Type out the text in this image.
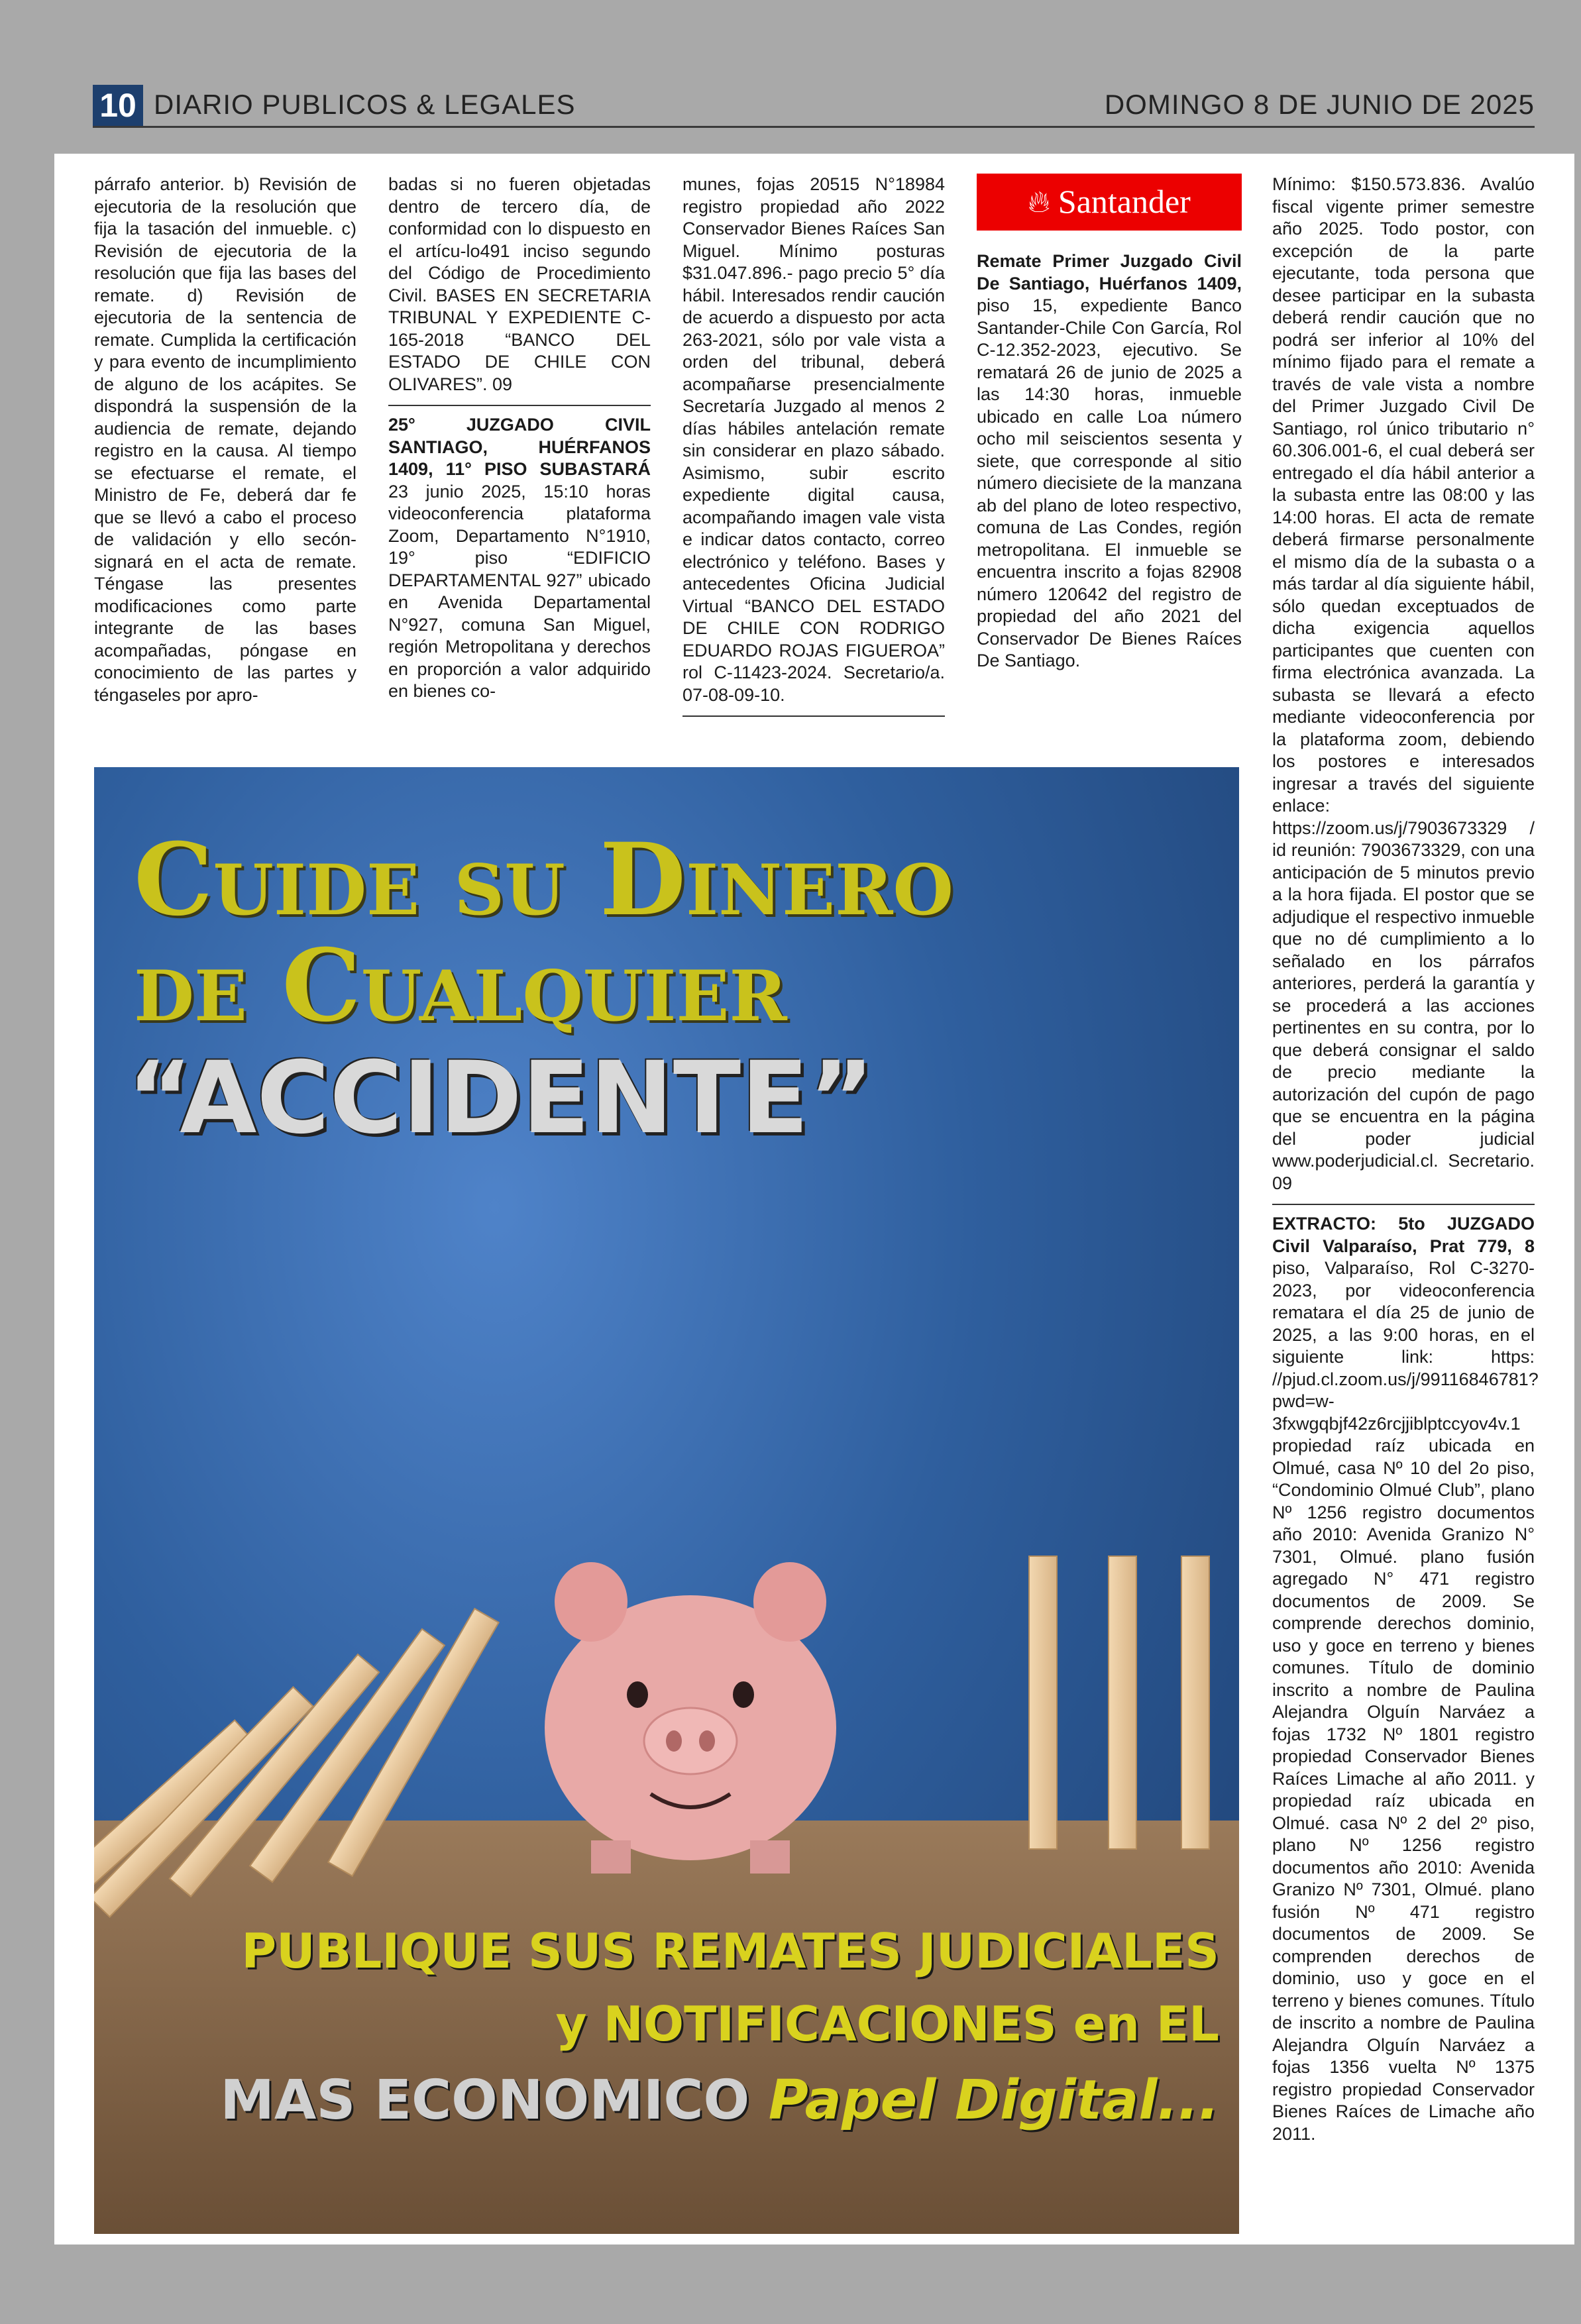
10 DIARIO PUBLICOS & LEGALES	DOMINGO 8 DE JUNIO DE 2025
párrafo anterior. b) Revisión de ejecutoria de la resolución que fija la tasación del inmueble. c) Revisión de ejecutoria de la resolución que fija las bases del remate. d) Revisión de ejecutoria de la sentencia de remate. Cumplida la certificación y para evento de incumplimiento de alguno de los acápites. Se dispondrá la suspensión de la audiencia de remate, dejando registro en la causa. Al tiempo se efectuarse el remate, el Ministro de Fe, deberá dar fe que se llevó a cabo el proceso de validación y ello secón-signará en el acta de remate. Téngase las presentes modificaciones como parte integrante de las bases acompañadas, póngase en conocimiento de las partes y téngaseles por apro-
badas si no fueren objetadas dentro de tercero día, de conformidad con lo dispuesto en el artícu-lo491 inciso segundo del Código de Procedimiento Civil. BASES EN SECRETARIA TRIBUNAL Y EXPEDIENTE C-165-2018 “BANCO DEL ESTADO DE CHILE CON OLIVARES”. 09
25° JUZGADO CIVIL SANTIAGO, HUÉRFANOS 1409, 11° PISO SUBASTARÁ 23 junio 2025, 15:10 horas videoconferencia plataforma Zoom, Departamento N°1910, 19° piso “EDIFICIO DEPARTAMENTAL 927” ubicado en Avenida Departamental N°927, comuna San Miguel, región Metropolitana y derechos en proporción a valor adquirido en bienes co-
munes, fojas 20515 N°18984 registro propiedad año 2022 Conservador Bienes Raíces San Miguel. Mínimo posturas $31.047.896.- pago precio 5° día hábil. Interesados rendir caución de acuerdo a dispuesto por acta 263-2021, sólo por vale vista a orden del tribunal, deberá acompañarse presencialmente Secretaría Juzgado al menos 2 días hábiles antelación remate sin considerar en plazo sábado. Asimismo, subir escrito expediente digital causa, acompañando imagen vale vista e indicar datos contacto, correo electrónico y teléfono. Bases y antecedentes Oficina Judicial Virtual “BANCO DEL ESTADO DE CHILE CON RODRIGO EDUARDO ROJAS FIGUEROA” rol C-11423-2024. Secretario/a. 07-08-09-10.
🔥︎ Santander
Remate Primer Juzgado Civil De Santiago, Huérfanos 1409, piso 15, expediente Banco Santander-Chile Con García, Rol C-12.352-2023, ejecutivo. Se rematará 26 de junio de 2025 a las 14:30 horas, inmueble ubicado en calle Loa número ocho mil seiscientos sesenta y siete, que corresponde al sitio número diecisiete de la manzana ab del plano de loteo respectivo, comuna de Las Condes, región metropolitana. El inmueble se encuentra inscrito a fojas 82908 número 120642 del registro de propiedad del año 2021 del Conservador De Bienes Raíces De Santiago.
Mínimo: $150.573.836. Avalúo fiscal vigente primer semestre año 2025. Todo postor, con excepción de la parte ejecutante, toda persona que desee participar en la subasta deberá rendir caución que no podrá ser inferior al 10% del mínimo fijado para el remate a través de vale vista a nombre del Primer Juzgado Civil De Santiago, rol único tributario n° 60.306.001-6, el cual deberá ser entregado el día hábil anterior a la subasta entre las 08:00 y las 14:00 horas. El acta de remate deberá firmarse personalmente el mismo día de la subasta o a más tardar al día siguiente hábil, sólo quedan exceptuados de dicha exigencia aquellos participantes que cuenten con firma electrónica avanzada. La subasta se llevará a efecto mediante videoconferencia por la plataforma zoom, debiendo los postores e interesados ingresar a través del siguiente enlace: https://zoom.us/j/7903673329 / id reunión: 7903673329, con una anticipación de 5 minutos previo a la hora fijada. El postor que se adjudique el respectivo inmueble que no dé cumplimiento a lo señalado en los párrafos anteriores, perderá la garantía y se procederá a las acciones pertinentes en su contra, por lo que deberá consignar el saldo de precio mediante la autorización del cupón de pago que se encuentra en la página del poder judicial www.poderjudicial.cl. Secretario. 09
EXTRACTO: 5to JUZGADO Civil Valparaíso, Prat 779, 8 piso, Valparaíso, Rol C-3270-2023, por videoconferencia rematara el día 25 de junio de 2025, a las 9:00 horas, en el siguiente link: https: //pjud.cl.zoom.us/j/99116846781?pwd=w-3fxwgqbjf42z6rcjjiblptccyov4v.1 propiedad raíz ubicada en Olmué, casa Nº 10 del 2o piso, “Condominio Olmué Club”, plano Nº 1256 registro documentos año 2010: Avenida Granizo N° 7301, Olmué. plano fusión agregado N° 471 registro documentos de 2009. Se comprende derechos dominio, uso y goce en terreno y bienes comunes. Título de dominio inscrito a nombre de Paulina Alejandra Olguín Narváez a fojas 1732 Nº 1801 registro propiedad Conservador Bienes Raíces Limache al año 2011. y propiedad raíz ubicada en Olmué. casa Nº 2 del 2º piso, plano Nº 1256 registro documentos año 2010: Avenida Granizo Nº 7301, Olmué. plano fusión Nº 471 registro documentos de 2009. Se comprenden derechos de dominio, uso y goce en el terreno y bienes comunes. Título de inscrito a nombre de Paulina Alejandra Olguín Narváez a fojas 1356 vuelta Nº 1375 registro propiedad Conservador Bienes Raíces de Limache año 2011.
Cuide su Dinero
de Cualquier
“ACCIDENTE”
PUBLIQUE SUS REMATES JUDICIALES
y NOTIFICACIONES en EL
MAS ECONOMICO Papel Digital...
